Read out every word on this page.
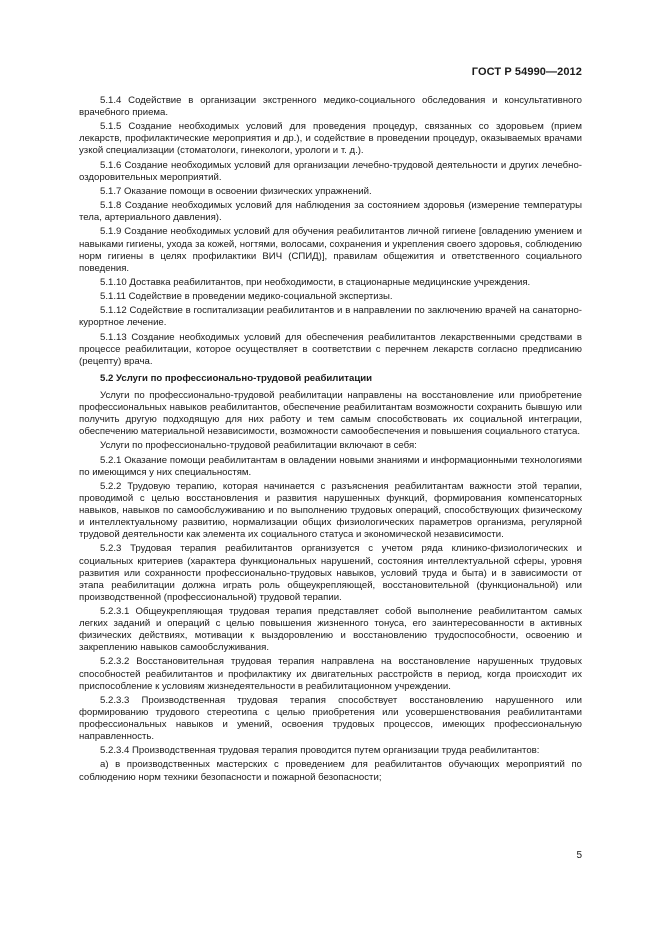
ГОСТ Р 54990—2012

5.1.4 Содействие в организации экстренного медико-социального обследования и консультативного врачебного приема.

5.1.5 Создание необходимых условий для проведения процедур, связанных со здоровьем (прием лекарств, профилактические мероприятия и др.), и содействие в проведении процедур, оказываемых врачами узкой специализации (стоматологи, гинекологи, урологи и т. д.).

5.1.6 Создание необходимых условий для организации лечебно-трудовой деятельности и других лечебно-оздоровительных мероприятий.

5.1.7 Оказание помощи в освоении физических упражнений.

5.1.8 Создание необходимых условий для наблюдения за состоянием здоровья (измерение температуры тела, артериального давления).

5.1.9 Создание необходимых условий для обучения реабилитантов личной гигиене [овладению умением и навыками гигиены, ухода за кожей, ногтями, волосами, сохранения и укрепления своего здоровья, соблюдению норм гигиены в целях профилактики ВИЧ (СПИД)], правилам общежития и ответственного социального поведения.

5.1.10 Доставка реабилитантов, при необходимости, в стационарные медицинские учреждения.

5.1.11 Содействие в проведении медико-социальной экспертизы.

5.1.12 Содействие в госпитализации реабилитантов и в направлении по заключению врачей на санаторно-курортное лечение.

5.1.13 Создание необходимых условий для обеспечения реабилитантов лекарственными средствами в процессе реабилитации, которое осуществляет в соответствии с перечнем лекарств согласно предписанию (рецепту) врача.

5.2 Услуги по профессионально-трудовой реабилитации

Услуги по профессионально-трудовой реабилитации направлены на восстановление или приобретение профессиональных навыков реабилитантов, обеспечение реабилитантам возможности сохранить бывшую или получить другую подходящую для них работу и тем самым способствовать их социальной интеграции, обеспечению материальной независимости, возможности самообеспечения и повышения социального статуса.

Услуги по профессионально-трудовой реабилитации включают в себя:

5.2.1 Оказание помощи реабилитантам в овладении новыми знаниями и информационными технологиями по имеющимся у них специальностям.

5.2.2 Трудовую терапию, которая начинается с разъяснения реабилитантам важности этой терапии, проводимой с целью восстановления и развития нарушенных функций, формирования компенсаторных навыков, навыков по самообслуживанию и по выполнению трудовых операций, способствующих физическому и интеллектуальному развитию, нормализации общих физиологических параметров организма, регулярной трудовой деятельности как элемента их социального статуса и экономической независимости.

5.2.3 Трудовая терапия реабилитантов организуется с учетом ряда клинико-физиологических и социальных критериев (характера функциональных нарушений, состояния интеллектуальной сферы, уровня развития или сохранности профессионально-трудовых навыков, условий труда и быта) и в зависимости от этапа реабилитации должна играть роль общеукрепляющей, восстановительной (функциональной) или производственной (профессиональной) трудовой терапии.

5.2.3.1 Общеукрепляющая трудовая терапия представляет собой выполнение реабилитантом самых легких заданий и операций с целью повышения жизненного тонуса, его заинтересованности в активных физических действиях, мотивации к выздоровлению и восстановлению трудоспособности, освоению и закреплению навыков самообслуживания.

5.2.3.2 Восстановительная трудовая терапия направлена на восстановление нарушенных трудовых способностей реабилитантов и профилактику их двигательных расстройств в период, когда происходит их приспособление к условиям жизнедеятельности в реабилитационном учреждении.

5.2.3.3 Производственная трудовая терапия способствует восстановлению нарушенного или формированию трудового стереотипа с целью приобретения или усовершенствования реабилитантами профессиональных навыков и умений, освоения трудовых процессов, имеющих профессиональную направленность.

5.2.3.4 Производственная трудовая терапия проводится путем организации труда реабилитантов:

а) в производственных мастерских с проведением для реабилитантов обучающих мероприятий по соблюдению норм техники безопасности и пожарной безопасности;

5
